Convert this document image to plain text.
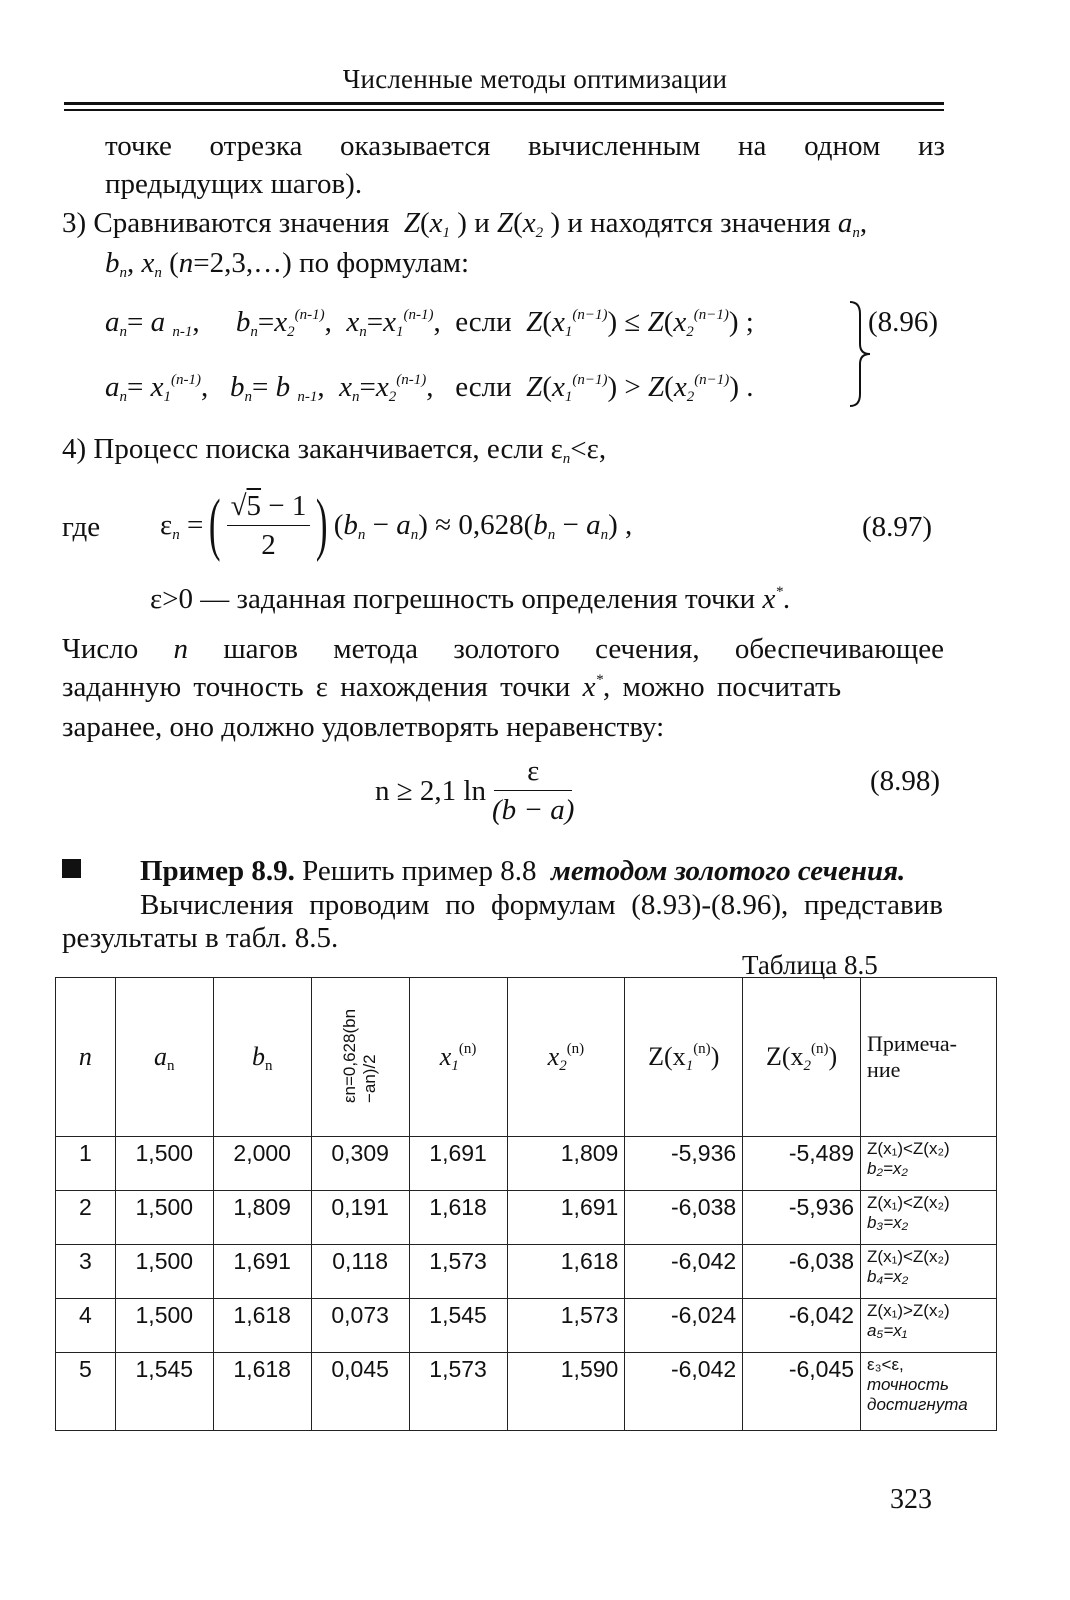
Численные методы оптимизации
точке отрезка оказывается вычисленным на одном из
предыдущих шагов).
3) Сравниваются значения  $Z(x_1$ ) и $Z(x_2$ ) и находятся значения $a_n$,
$b_n$, $x_n$ (n=2,3,…) по формулам:
$a_n= a$ $_{n-1}$,     $b_n=x_2^{(n-1)}$,  $x_n=x_1^{(n-1)}$,  если $Z(x_1^{(n-1)}) \le Z(x_2^{(n-1)})$ ;
$a_n= x_1^{(n-1)}$,   $b_n= b$ $_{n-1}$,  $x_n=x_2^{(n-1)}$,   если $Z(x_1^{(n-1)}) > Z(x_2^{(n-1)})$ .
(8.96)
4) Процесс поиска заканчивается, если $\varepsilon_n<\varepsilon$,
где $\varepsilon_n$ = ( $\frac{√5 - 1}{2}$ ) $(b_n - a_n) \approx 0,628$( $b_n - a_n$) ,	(8.97)
ε>0 — заданная погрешность определения точки x*.
Число n шагов метода золотого сечения, обеспечивающее
заданную точность ε нахождения точки x*, можно посчитать
заранее, оно должно удовлетворять неравенству:
n ≥ 2,1 $\ln \frac{\varepsilon}{(b - a)}$	(8.98)
Пример 8.9. Решить пример 8.8 методом золотого сечения.
Вычисления проводим по формулам (8.93)-(8.96), представив
результаты в табл. 8.5.
Таблица 8.5
n	$a_n$	$b_n$	εn=0,628(bn
−an)/2	$x_1^{(n)}$	$x_2^{(n)}$	$Z(x_1^{(n)})$	$Z(x_2^{(n)})$	Примеча-ние
1	1,500	2,000	0,309	1,691	1,809	-5,936	-5,489	Z(x₁)<Z(x₂)
b₂=x₂

2	1,500	1,809	0,191	1,618	1,691	-6,038	-5,936	Z(x₁)<Z(x₂)
b₃=x₂

3	1,500	1,691	0,118	1,573	1,618	-6,042	-6,038	Z(x₁)<Z(x₂)
b₄=x₂

4	1,500	1,618	0,073	1,545	1,573	-6,024	-6,042	Z(x₁)>Z(x₂)
a₅=x₁

5	1,545	1,618	0,045	1,573	1,590	-6,042	-6,045	ε₃<ε,
точность достигнута
323
